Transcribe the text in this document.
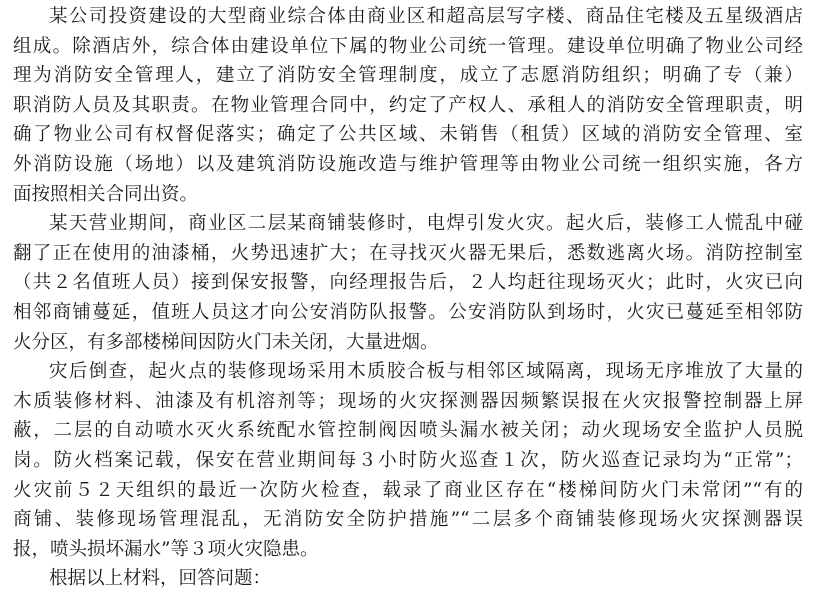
某公司投资建设的大型商业综合体由商业区和超高层写字楼、商品住宅楼及五星级酒店
组成。除酒店外，综合体由建设单位下属的物业公司统一管理。建设单位明确了物业公司经
理为消防安全管理人，建立了消防安全管理制度，成立了志愿消防组织；明确了专（兼）
职消防人员及其职责。在物业管理合同中，约定了产权人、承租人的消防安全管理职责，明
确了物业公司有权督促落实；确定了公共区域、未销售（租赁）区域的消防安全管理、室
外消防设施（场地）以及建筑消防设施改造与维护管理等由物业公司统一组织实施，各方
面按照相关合同出资。
某天营业期间，商业区二层某商铺装修时，电焊引发火灾。起火后，装修工人慌乱中碰
翻了正在使用的油漆桶，火势迅速扩大；在寻找灭火器无果后，悉数逃离火场。消防控制室
（共２名值班人员）接到保安报警，向经理报告后，２人均赶往现场灭火；此时，火灾已向
相邻商铺蔓延，值班人员这才向公安消防队报警。公安消防队到场时，火灾已蔓延至相邻防
火分区，有多部楼梯间因防火门未关闭，大量进烟。
灾后倒查，起火点的装修现场采用木质胶合板与相邻区域隔离，现场无序堆放了大量的
木质装修材料、油漆及有机溶剂等；现场的火灾探测器因频繁误报在火灾报警控制器上屏
蔽，二层的自动喷水灭火系统配水管控制阀因喷头漏水被关闭；动火现场安全监护人员脱
岗。防火档案记载，保安在营业期间每３小时防火巡查１次，防火巡查记录均为“正常”；
火灾前５２天组织的最近一次防火检查，载录了商业区存在“楼梯间防火门未常闭”“有的
商铺、装修现场管理混乱，无消防安全防护措施”“二层多个商铺装修现场火灾探测器误
报，喷头损坏漏水”等３项火灾隐患。
根据以上材料，回答问题：
